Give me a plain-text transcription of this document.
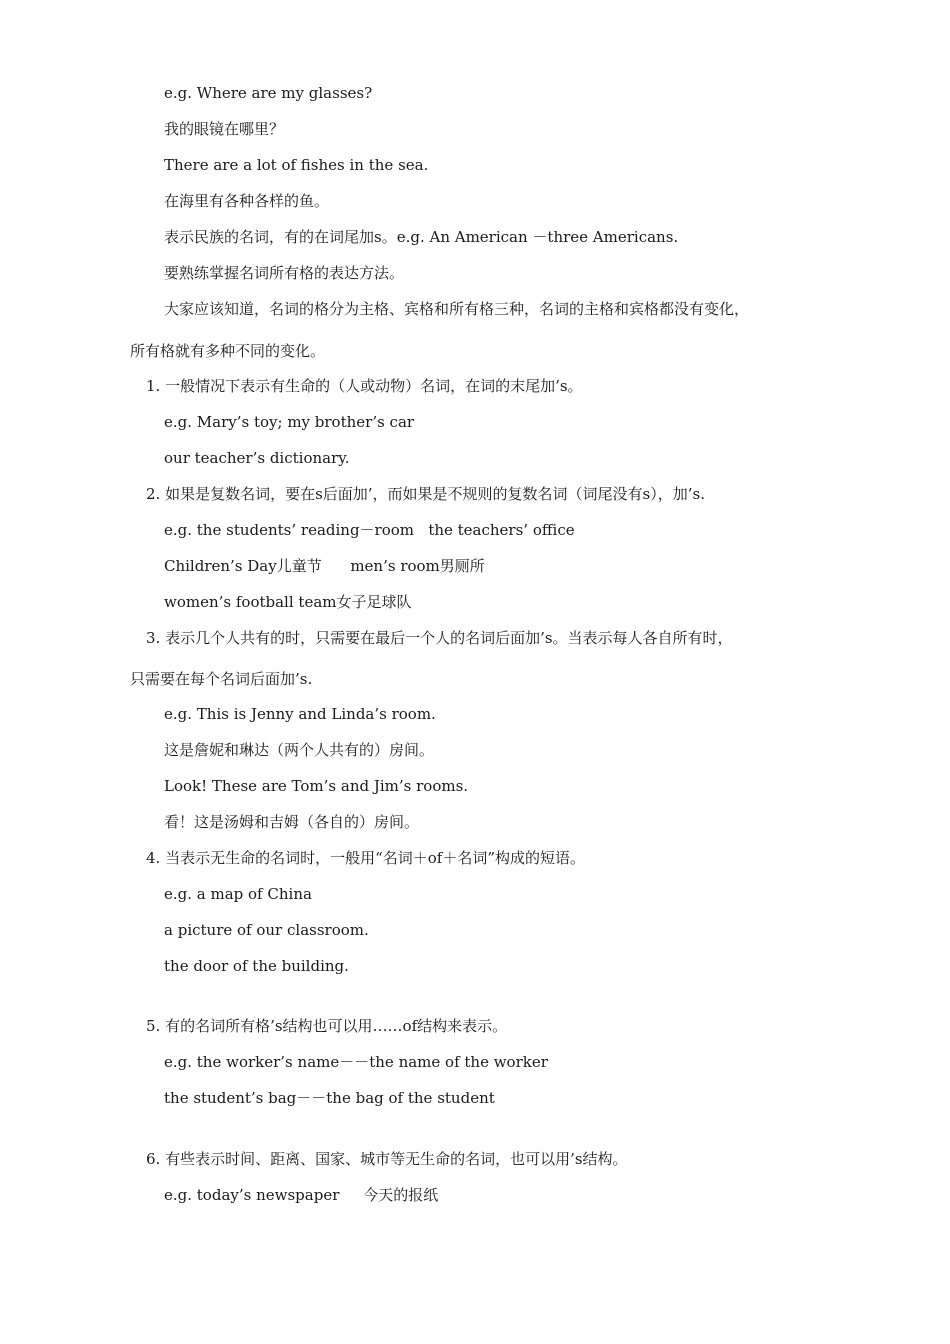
e.g. Where are my glasses?
我的眼镜在哪里？
There are a lot of fishes in the sea.
在海里有各种各样的鱼。
表示民族的名词，有的在词尾加s。e.g. An American －three Americans.
要熟练掌握名词所有格的表达方法。
大家应该知道，名词的格分为主格、宾格和所有格三种，名词的主格和宾格都没有变化，
所有格就有多种不同的变化。
1. 一般情况下表示有生命的（人或动物）名词，在词的末尾加’s。
e.g. Mary’s toy; my brother’s car
our teacher’s dictionary.
2. 如果是复数名词，要在s后面加’，而如果是不规则的复数名词（词尾没有s），加’s.
e.g. the students’ reading－room   the teachers’ office
Children’s Day儿童节      men’s room男厕所
women’s football team女子足球队
3. 表示几个人共有的时，只需要在最后一个人的名词后面加’s。当表示每人各自所有时，
只需要在每个名词后面加’s.
e.g. This is Jenny and Linda’s room.
这是詹妮和琳达（两个人共有的）房间。
Look! These are Tom’s and Jim’s rooms.
看！这是汤姆和吉姆（各自的）房间。
4. 当表示无生命的名词时，一般用“名词＋of＋名词”构成的短语。
e.g. a map of China
a picture of our classroom.
the door of the building.
5. 有的名词所有格’s结构也可以用……of结构来表示。
e.g. the worker’s name－－the name of the worker
the student’s bag－－the bag of the student
6. 有些表示时间、距离、国家、城市等无生命的名词，也可以用’s结构。
e.g. today’s newspaper     今天的报纸
